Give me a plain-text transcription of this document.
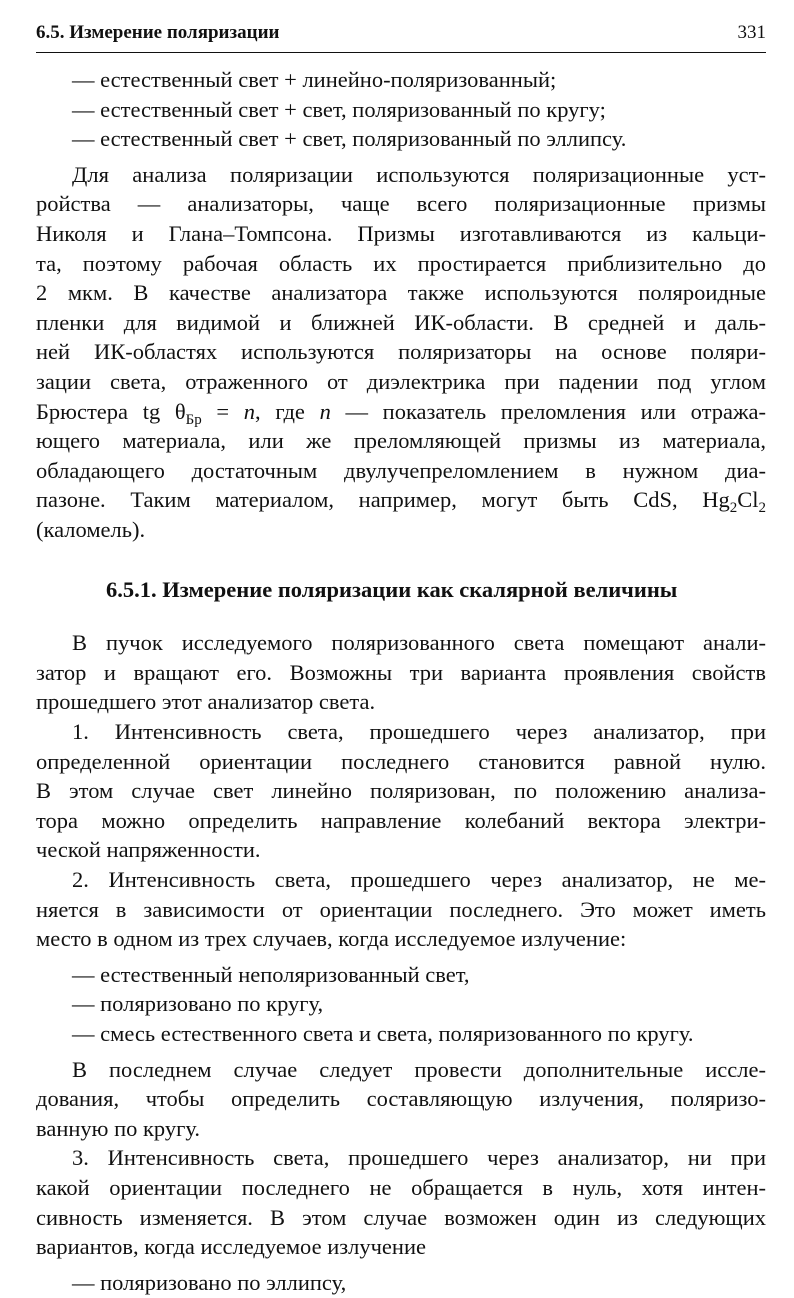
6.5. Измерение поляризации	331
— естественный свет + линейно-поляризованный;
— естественный свет + свет, поляризованный по кругу;
— естественный свет + свет, поляризованный по эллипсу.
Для анализа поляризации используются поляризационные уст-
ройства — анализаторы, чаще всего поляризационные призмы
Николя и Глана–Томпсона. Призмы изготавливаются из кальци-
та, поэтому рабочая область их простирается приблизительно до
2 мкм. В качестве анализатора также используются поляроидные
пленки для видимой и ближней ИК-области. В средней и даль-
ней ИК-областях используются поляризаторы на основе поляри-
зации света, отраженного от диэлектрика при падении под углом
Брюстера tg $\theta_{Бр} = n$, где n — показатель преломления или отража-
ющего материала, или же преломляющей призмы из материала,
обладающего достаточным двулучепреломлением в нужном диа-
пазоне. Таким материалом, например, могут быть CdS, $Hg_2Cl_2$
(каломель).
6.5.1. Измерение поляризации как скалярной величины
В пучок исследуемого поляризованного света помещают анали-
затор и вращают его. Возможны три варианта проявления свойств
прошедшего этот анализатор света.
1. Интенсивность света, прошедшего через анализатор, при
определенной ориентации последнего становится равной нулю.
В этом случае свет линейно поляризован, по положению анализа-
тора можно определить направление колебаний вектора электри-
ческой напряженности.
2. Интенсивность света, прошедшего через анализатор, не ме-
няется в зависимости от ориентации последнего. Это может иметь
место в одном из трех случаев, когда исследуемое излучение:
— естественный неполяризованный свет,
— поляризовано по кругу,
— смесь естественного света и света, поляризованного по кругу.
В последнем случае следует провести дополнительные иссле-
дования, чтобы определить составляющую излучения, поляризо-
ванную по кругу.
3. Интенсивность света, прошедшего через анализатор, ни при
какой ориентации последнего не обращается в нуль, хотя интен-
сивность изменяется. В этом случае возможен один из следующих
вариантов, когда исследуемое излучение
— поляризовано по эллипсу,
